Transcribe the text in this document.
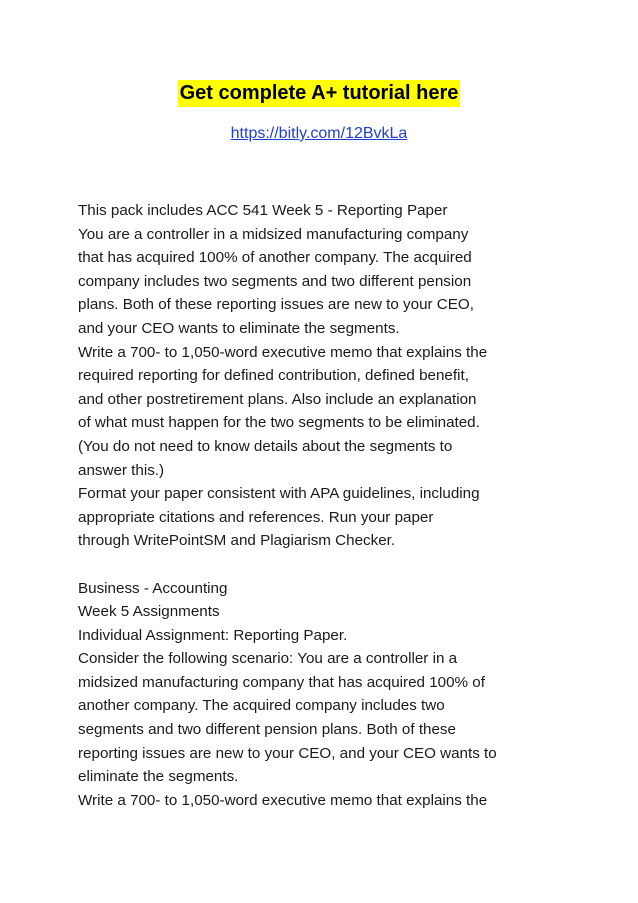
Get complete A+ tutorial here
https://bitly.com/12BvkLa
This pack includes ACC 541 Week 5 - Reporting Paper
You are a controller in a midsized manufacturing company
that has acquired 100% of another company. The acquired
company includes two segments and two different pension
plans. Both of these reporting issues are new to your CEO,
and your CEO wants to eliminate the segments.
Write a 700- to 1,050-word executive memo that explains the
required reporting for defined contribution, defined benefit,
and other postretirement plans. Also include an explanation
of what must happen for the two segments to be eliminated.
(You do not need to know details about the segments to
answer this.)
Format your paper consistent with APA guidelines, including
appropriate citations and references. Run your paper
through WritePointSM and Plagiarism Checker.
Business - Accounting
Week 5 Assignments
Individual Assignment: Reporting Paper.
Consider the following scenario: You are a controller in a
midsized manufacturing company that has acquired 100% of
another company. The acquired company includes two
segments and two different pension plans. Both of these
reporting issues are new to your CEO, and your CEO wants to
eliminate the segments.
Write a 700- to 1,050-word executive memo that explains the
